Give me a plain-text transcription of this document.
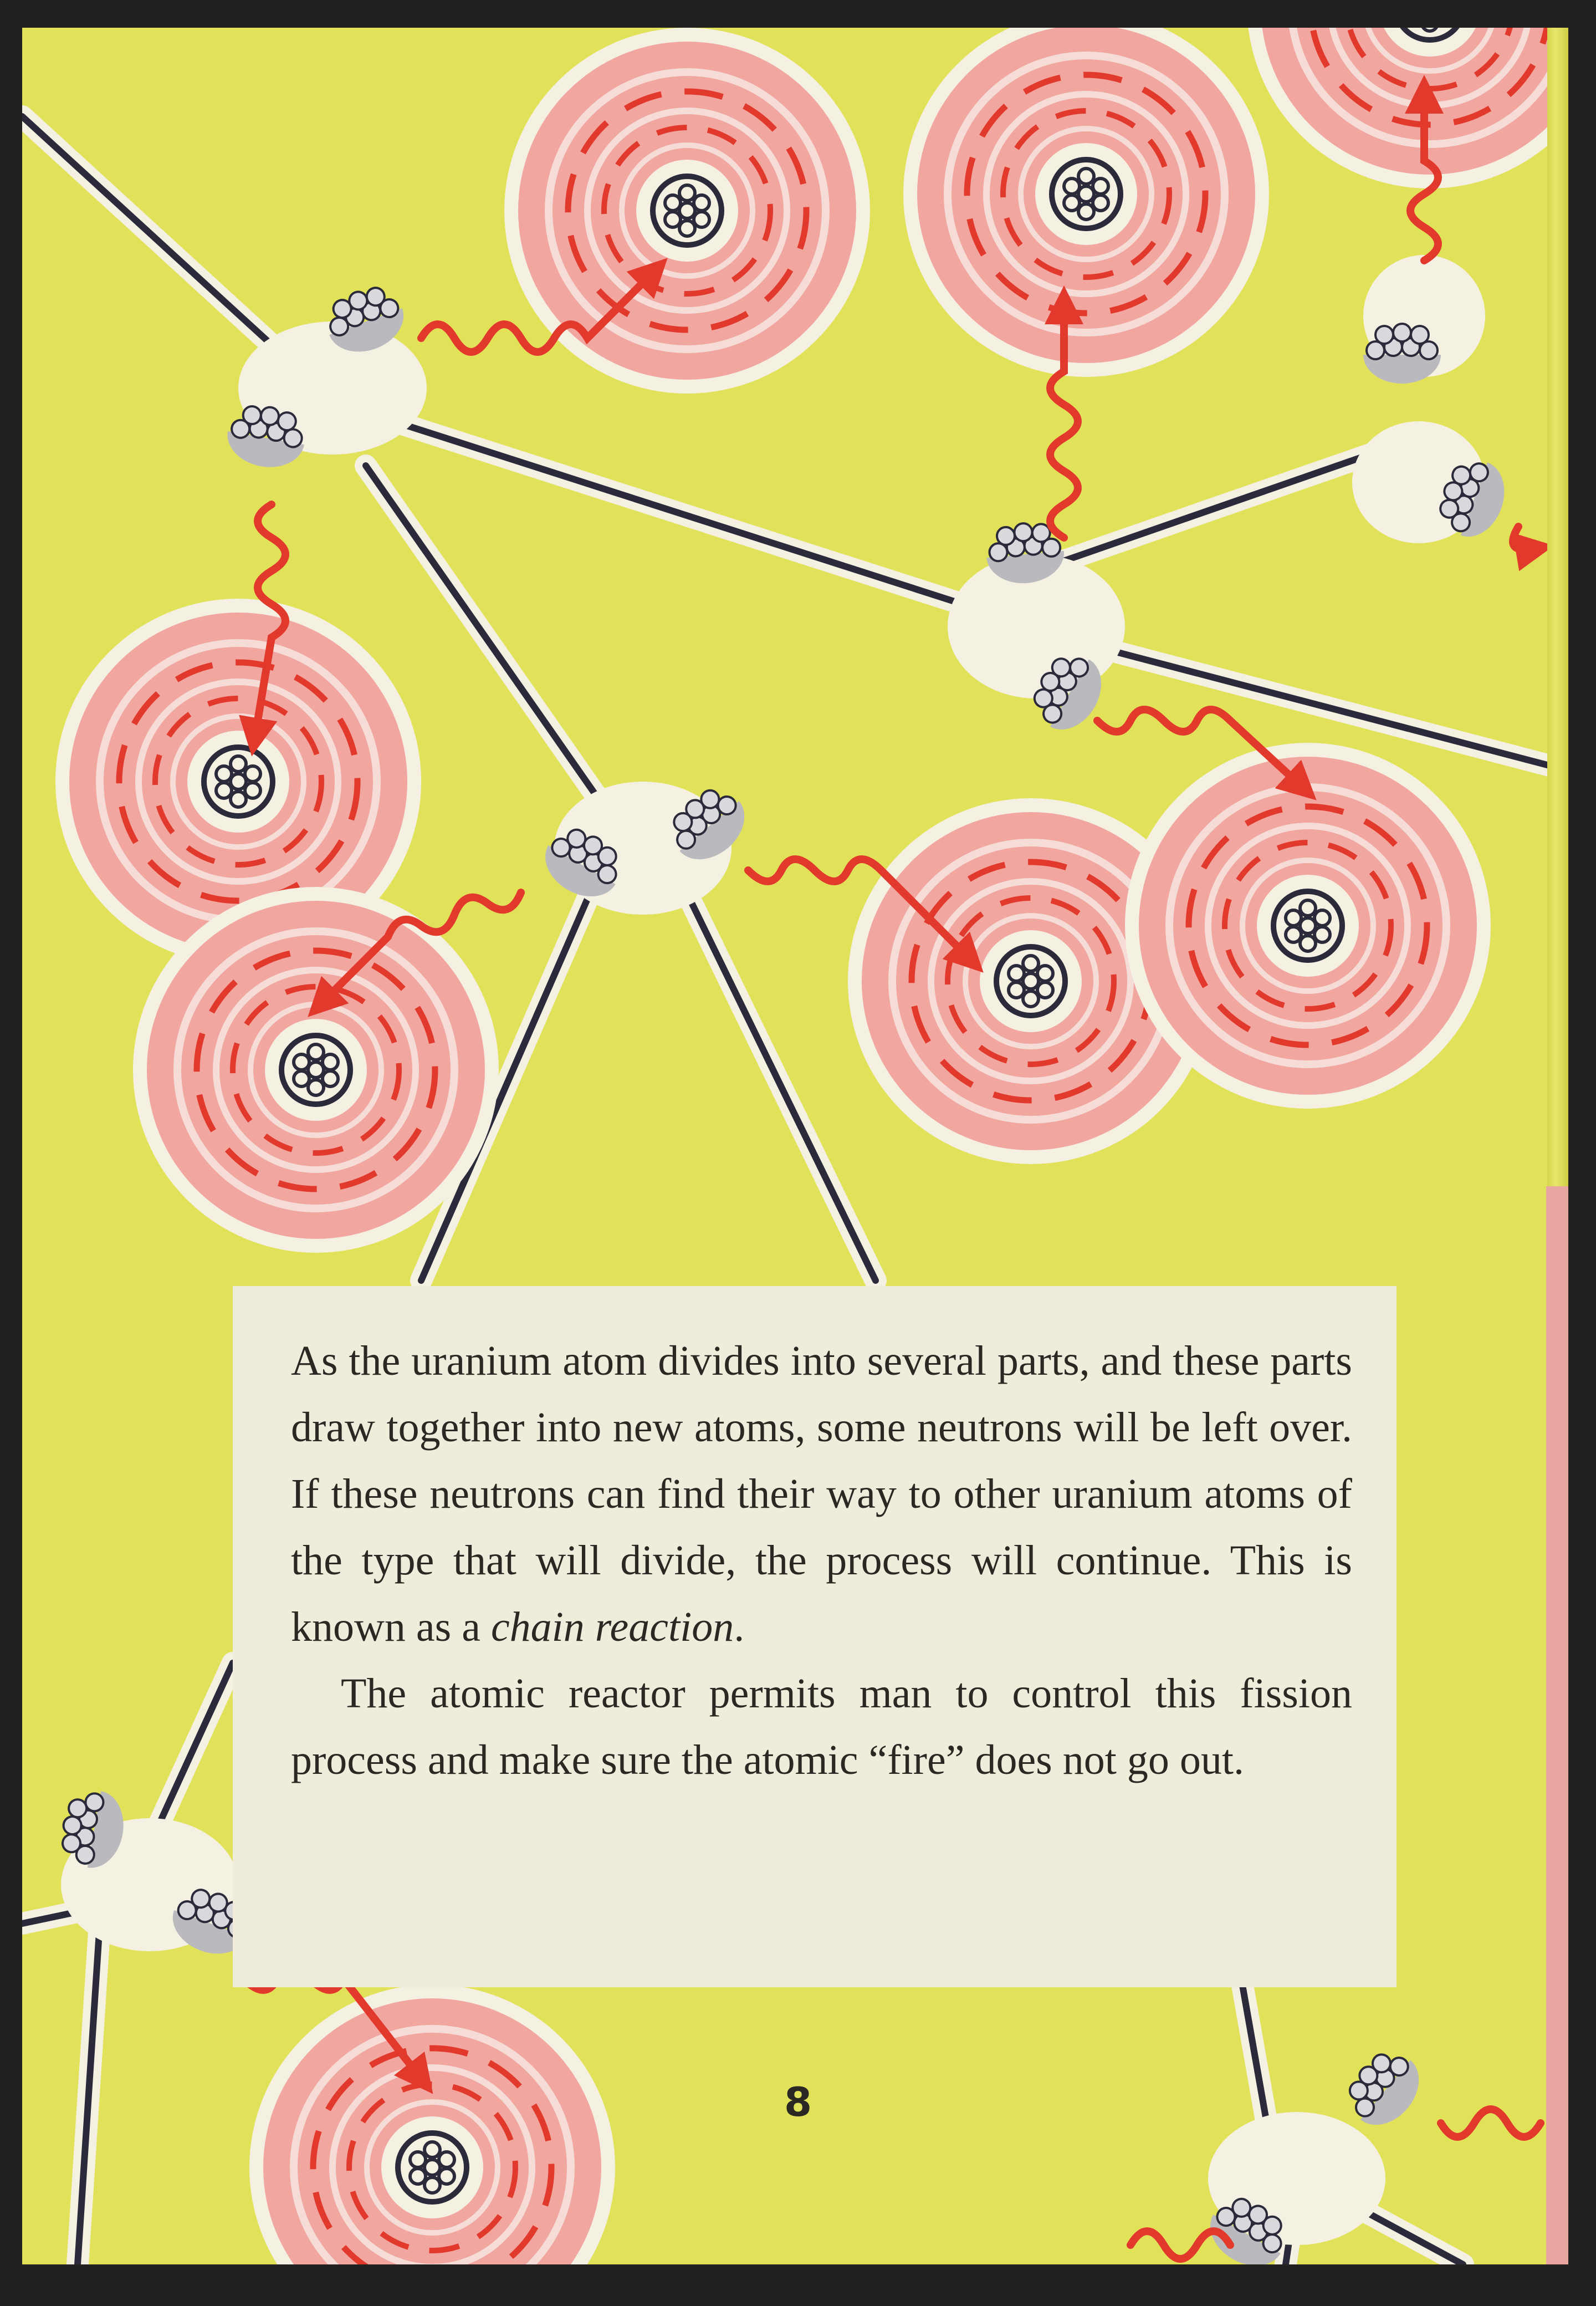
As the uranium atom divides into several parts, and these parts draw together into new atoms, some neutrons will be left over. If these neutrons can find their way to other uranium atoms of the type that will divide, the process will continue. This is known as a chain reaction.

The atomic reactor permits man to control this fission process and make sure the atomic “fire” does not go out.

8
